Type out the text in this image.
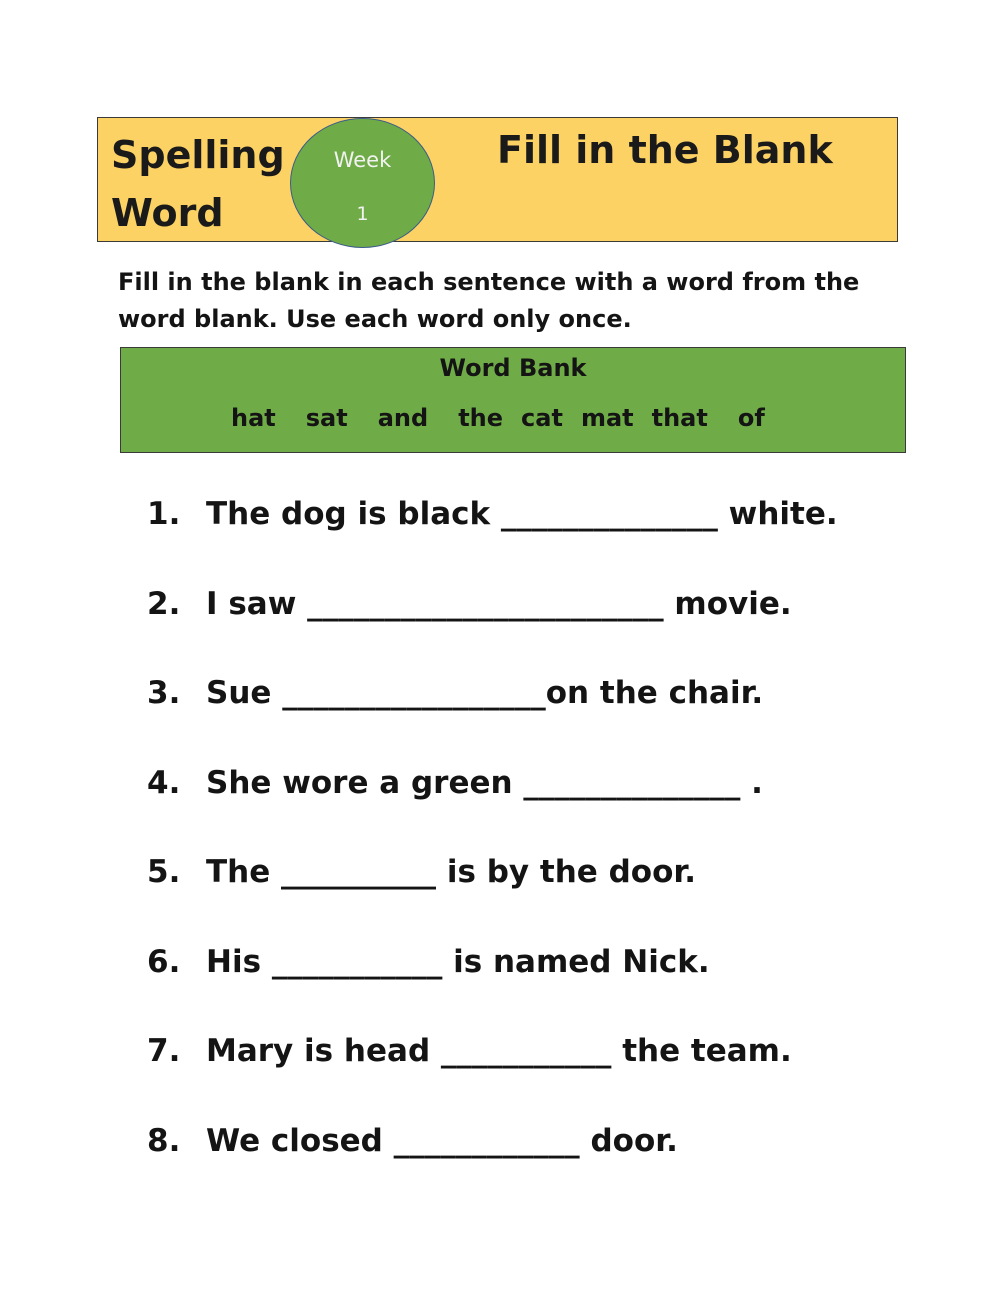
Spelling
Word
Week
1
Fill in the Blank

Fill in the blank in each sentence with a word from the
word blank. Use each word only once.

Word Bank
hat sat and the cat mat that of
1. The dog is black ______________ white.
2. I saw _______________________ movie.
3. Sue _________________on the chair.
4. She wore a green ______________ .
5. The __________ is by the door.
6. His ___________ is named Nick.
7. Mary is head ___________ the team.
8. We closed ____________ door.
